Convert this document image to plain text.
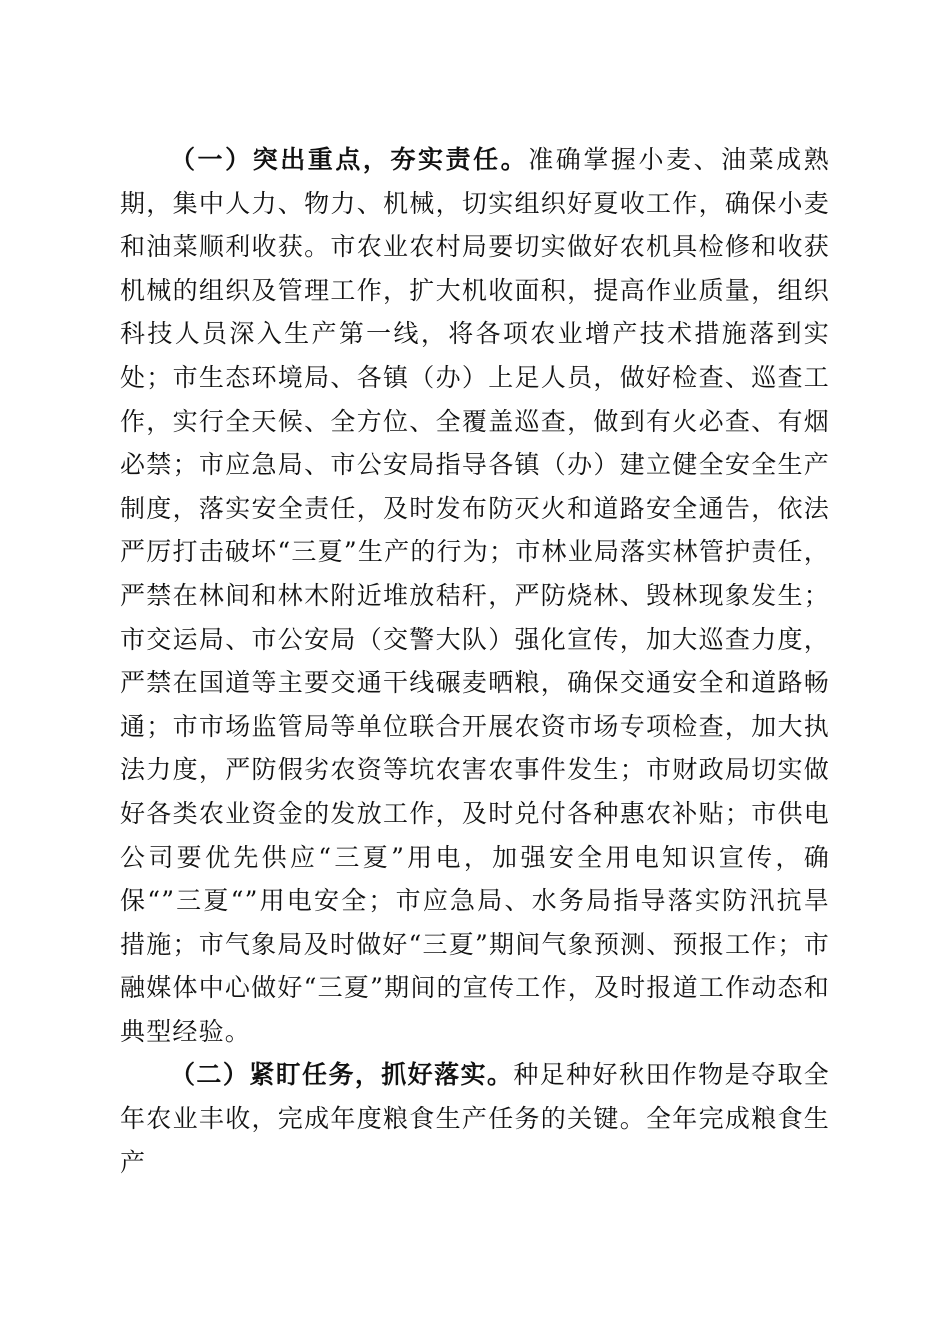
（一）突出重点，夯实责任。准确掌握小麦、油菜成熟期，集中人力、物力、机械，切实组织好夏收工作，确保小麦和油菜顺利收获。市农业农村局要切实做好农机具检修和收获机械的组织及管理工作，扩大机收面积，提高作业质量，组织科技人员深入生产第一线，将各项农业增产技术措施落到实处；市生态环境局、各镇（办）上足人员，做好检查、巡查工作，实行全天候、全方位、全覆盖巡查，做到有火必查、有烟必禁；市应急局、市公安局指导各镇（办）建立健全安全生产制度，落实安全责任，及时发布防灭火和道路安全通告，依法严厉打击破坏“三夏”生产的行为；市林业局落实林管护责任，严禁在林间和林木附近堆放秸秆，严防烧林、毁林现象发生；市交运局、市公安局（交警大队）强化宣传，加大巡查力度，严禁在国道等主要交通干线碾麦晒粮，确保交通安全和道路畅通；市市场监管局等单位联合开展农资市场专项检查，加大执法力度，严防假劣农资等坑农害农事件发生；市财政局切实做好各类农业资金的发放工作，及时兑付各种惠农补贴；市供电公司要优先供应“三夏”用电，加强安全用电知识宣传，确保“”三夏“”用电安全；市应急局、水务局指导落实防汛抗旱措施；市气象局及时做好“三夏”期间气象预测、预报工作；市融媒体中心做好“三夏”期间的宣传工作，及时报道工作动态和典型经验。

（二）紧盯任务，抓好落实。种足种好秋田作物是夺取全年农业丰收，完成年度粮食生产任务的关键。全年完成粮食生产
